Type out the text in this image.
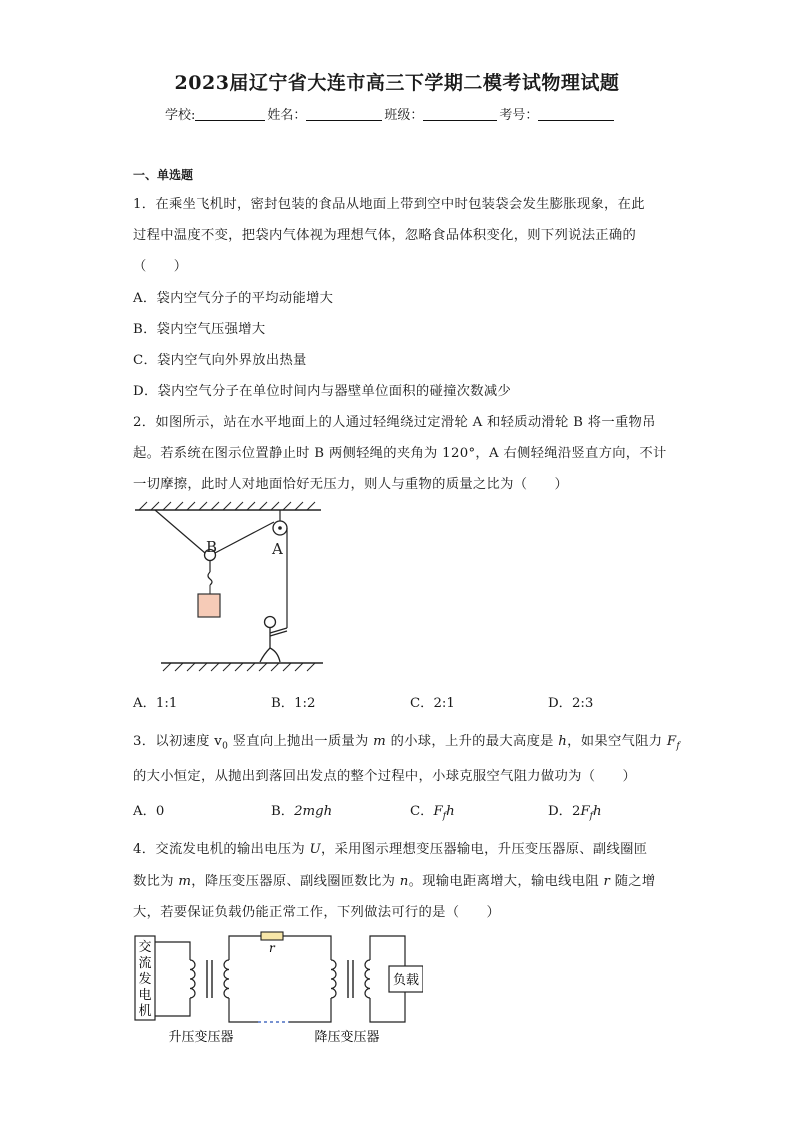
2023届辽宁省大连市高三下学期二模考试物理试题
学校:	姓名：	班级：	考号：
一、单选题
1．在乘坐飞机时，密封包装的食品从地面上带到空中时包装袋会发生膨胀现象，在此
过程中温度不变，把袋内气体视为理想气体，忽略食品体积变化，则下列说法正确的
（　　）
A．袋内空气分子的平均动能增大
B．袋内空气压强增大
C．袋内空气向外界放出热量
D．袋内空气分子在单位时间内与器壁单位面积的碰撞次数减少
2．如图所示，站在水平地面上的人通过轻绳绕过定滑轮 A 和轻质动滑轮 B 将一重物吊
起。若系统在图示位置静止时 B 两侧轻绳的夹角为 120°，A 右侧轻绳沿竖直方向，不计
一切摩擦，此时人对地面恰好无压力，则人与重物的质量之比为（　　）
B	A
A．1:1	B．1:2	C．2:1	D．2:3
3．以初速度 $v_0$ 竖直向上抛出一质量为 m 的小球，上升的最大高度是 h，如果空气阻力 $F_f$
的大小恒定，从抛出到落回出发点的整个过程中，小球克服空气阻力做功为（　　）
A．0	B．2mgh	C．$F_fh$	D．$2F_fh$
4．交流发电机的输出电压为 U，采用图示理想变压器输电，升压变压器原、副线圈匝
数比为 m，降压变压器原、副线圈匝数比为 n。现输电距离增大，输电线电阻 r 随之增
大，若要保证负载仍能正常工作，下列做法可行的是（　　）
交
流
发
电
机
r
负载
升压变压器	降压变压器
